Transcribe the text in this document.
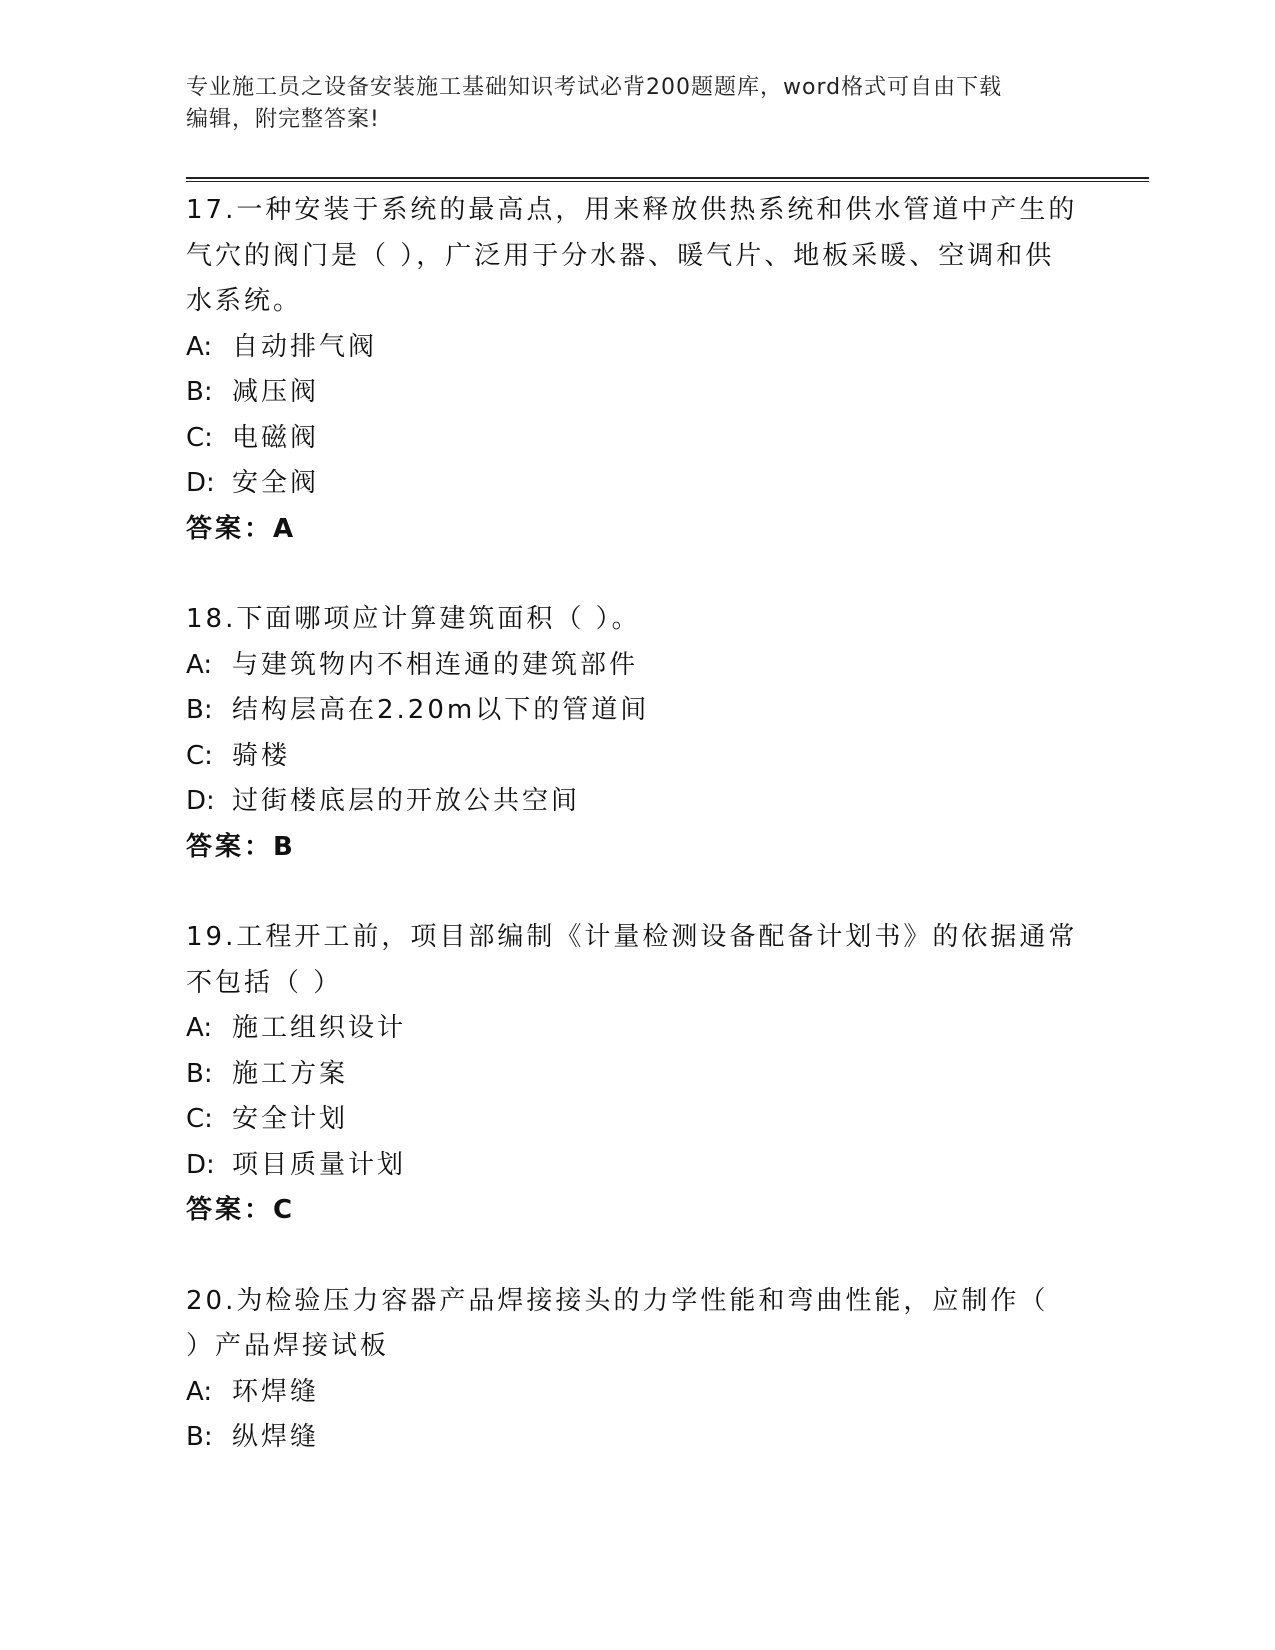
专业施工员之设备安装施工基础知识考试必背200题题库，word格式可自由下载
编辑，附完整答案!
17.一种安装于系统的最高点，用来释放供热系统和供水管道中产生的
气穴的阀门是（ ），广泛用于分水器、暖气片、地板采暖、空调和供
水系统。
A: 自动排气阀
B: 减压阀
C: 电磁阀
D: 安全阀
答案：A
18.下面哪项应计算建筑面积（ ）。
A: 与建筑物内不相连通的建筑部件
B: 结构层高在2.20m以下的管道间
C: 骑楼
D: 过街楼底层的开放公共空间
答案：B
19.工程开工前，项目部编制《计量检测设备配备计划书》的依据通常
不包括（ ）
A: 施工组织设计
B: 施工方案
C: 安全计划
D: 项目质量计划
答案：C
20.为检验压力容器产品焊接接头的力学性能和弯曲性能，应制作（
）产品焊接试板
A: 环焊缝
B: 纵焊缝
